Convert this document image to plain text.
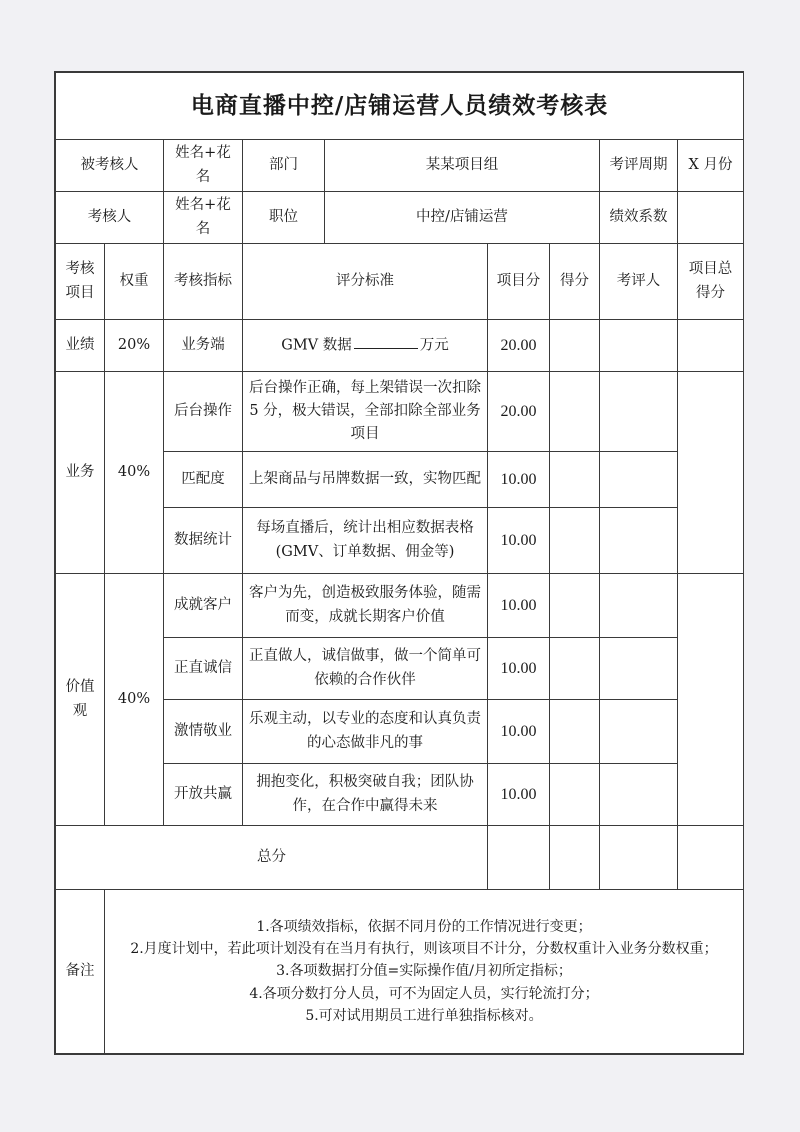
电商直播中控/店铺运营人员绩效考核表								
被考核人		姓名+花名	部门	某某项目组			考评周期	X 月份
考核人		姓名+花名	职位	中控/店铺运营			绩效系数	
考核项目	权重	考核指标	评分标准		项目分	得分	考评人	项目总得分
业绩	20%	业务端	GMV 数据 万元		20.00			
业务	40%	后台操作	后台操作正确，每上架错误一次扣除 5 分，极大错误，全部扣除全部业务项目		20.00			
		匹配度	上架商品与吊牌数据一致，实物匹配		10.00			
		数据统计	每场直播后，统计出相应数据表格(GMV、订单数据、佣金等)		10.00			
价值观	40%	成就客户	客户为先，创造极致服务体验，随需而变，成就长期客户价值		10.00			
		正直诚信	正直做人，诚信做事，做一个简单可依赖的合作伙伴		10.00			
		激情敬业	乐观主动，以专业的态度和认真负责的心态做非凡的事		10.00			
		开放共赢	拥抱变化，积极突破自我；团队协作，在合作中赢得未来		10.00			
总分								
备注	1.各项绩效指标，依据不同月份的工作情况进行变更；
2.月度计划中，若此项计划没有在当月有执行，则该项目不计分，分数权重计入业务分数权重；
3.各项数据打分值=实际操作值/月初所定指标；
4.各项分数打分人员，可不为固定人员，实行轮流打分；
5.可对试用期员工进行单独指标核对。							
